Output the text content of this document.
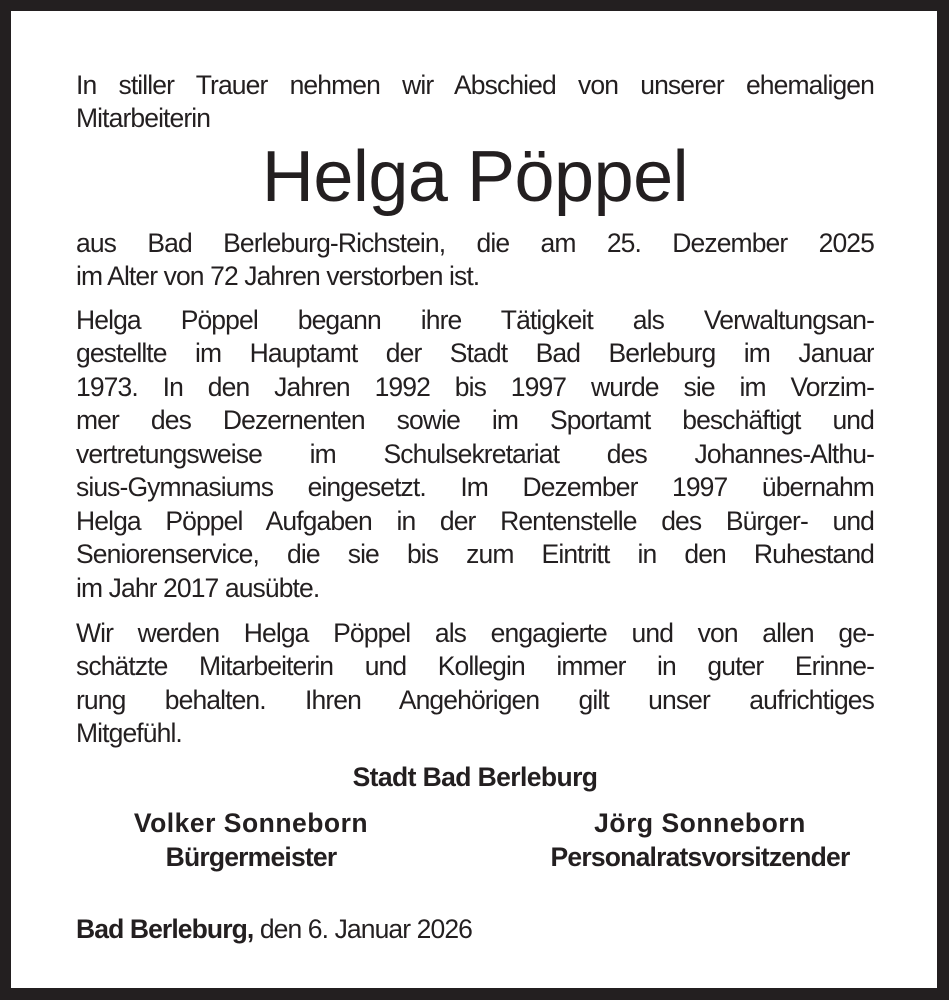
In stiller Trauer nehmen wir Abschied von unserer ehemaligen
Mitarbeiterin
Helga Pöppel
aus Bad Berleburg-Richstein, die am 25. Dezember 2025
im Alter von 72 Jahren verstorben ist.
Helga Pöppel begann ihre Tätigkeit als Verwaltungsan-
gestellte im Hauptamt der Stadt Bad Berleburg im Januar
1973. In den Jahren 1992 bis 1997 wurde sie im Vorzim-
mer des Dezernenten sowie im Sportamt beschäftigt und
vertretungsweise im Schulsekretariat des Johannes-Althu-
sius-Gymnasiums eingesetzt. Im Dezember 1997 übernahm
Helga Pöppel Aufgaben in der Rentenstelle des Bürger- und
Seniorenservice, die sie bis zum Eintritt in den Ruhestand
im Jahr 2017 ausübte.
Wir werden Helga Pöppel als engagierte und von allen ge-
schätzte Mitarbeiterin und Kollegin immer in guter Erinne-
rung behalten. Ihren Angehörigen gilt unser aufrichtiges
Mitgefühl.
Stadt Bad Berleburg
Volker Sonneborn
Bürgermeister
Jörg Sonneborn
Personalratsvorsitzender
Bad Berleburg, den 6. Januar 2026
